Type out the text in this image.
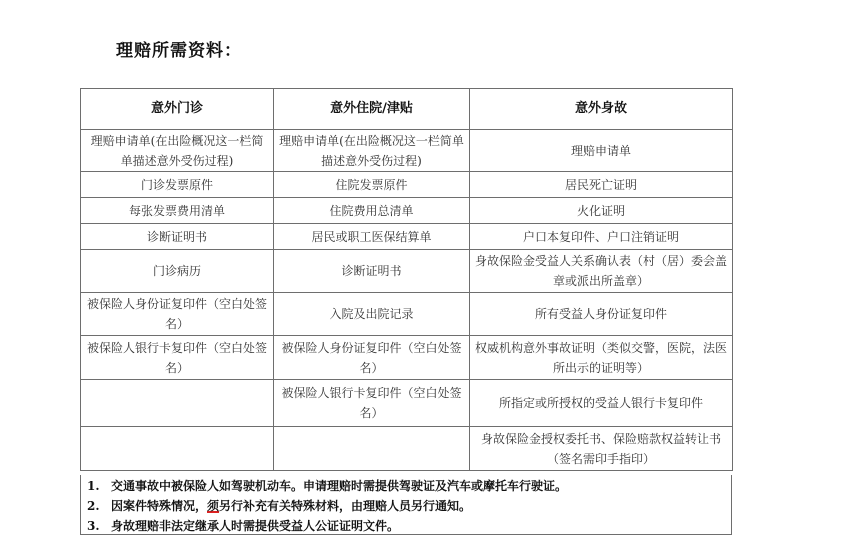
理赔所需资料：
意外门诊	意外住院/津贴	意外身故
理赔申请单(在出险概况这一栏简单描述意外受伤过程)	理赔申请单(在出险概况这一栏简单描述意外受伤过程)	理赔申请单
门诊发票原件	住院发票原件	居民死亡证明
每张发票费用清单	住院费用总清单	火化证明
诊断证明书	居民或职工医保结算单	户口本复印件、户口注销证明
门诊病历	诊断证明书	身故保险金受益人关系确认表（村（居）委会盖章或派出所盖章）
被保险人身份证复印件（空白处签名）	入院及出院记录	所有受益人身份证复印件
被保险人银行卡复印件（空白处签名）	被保险人身份证复印件（空白处签名）	权威机构意外事故证明（类似交警，医院，法医所出示的证明等）
	被保险人银行卡复印件（空白处签名）	所指定或所授权的受益人银行卡复印件
		身故保险金授权委托书、保险赔款权益转让书（签名需印手指印）
1. 交通事故中被保险人如驾驶机动车。申请理赔时需提供驾驶证及汽车或摩托车行驶证。
2. 因案件特殊情况，须另行补充有关特殊材料，由理赔人员另行通知。
3. 身故理赔非法定继承人时需提供受益人公证证明文件。
